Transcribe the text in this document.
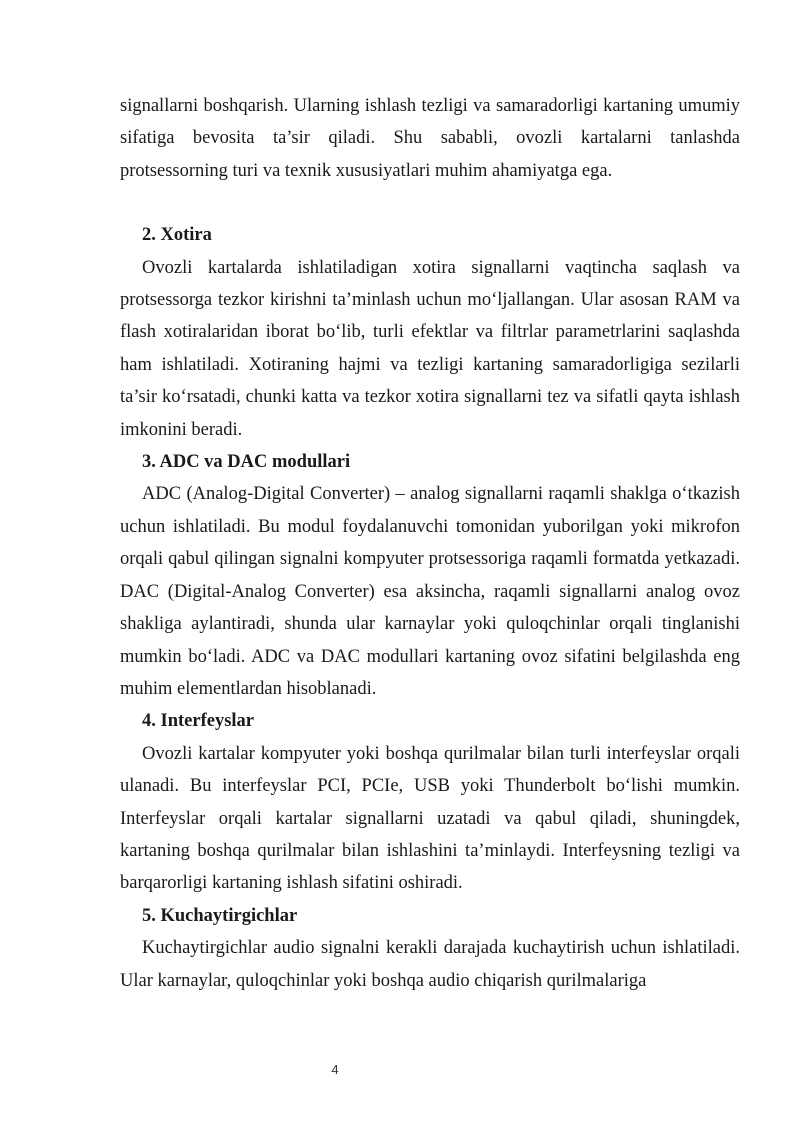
signallarni boshqarish. Ularning ishlash tezligi va samaradorligi kartaning umumiy sifatiga bevosita ta’sir qiladi. Shu sababli, ovozli kartalarni tanlashda protsessorning turi va texnik xususiyatlari muhim ahamiyatga ega.

2. Xotira

Ovozli kartalarda ishlatiladigan xotira signallarni vaqtincha saqlash va protsessorga tezkor kirishni ta’minlash uchun mo‘ljallangan. Ular asosan RAM va flash xotiralaridan iborat bo‘lib, turli efektlar va filtrlar parametrlarini saqlashda ham ishlatiladi. Xotiraning hajmi va tezligi kartaning samaradorligiga sezilarli ta’sir ko‘rsatadi, chunki katta va tezkor xotira signallarni tez va sifatli qayta ishlash imkonini beradi.

3. ADC va DAC modullari

ADC (Analog-Digital Converter) – analog signallarni raqamli shaklga o‘tkazish uchun ishlatiladi. Bu modul foydalanuvchi tomonidan yuborilgan yoki mikrofon orqali qabul qilingan signalni kompyuter protsessoriga raqamli formatda yetkazadi. DAC (Digital-Analog Converter) esa aksincha, raqamli signallarni analog ovoz shakliga aylantiradi, shunda ular karnaylar yoki quloqchinlar orqali tinglanishi mumkin bo‘ladi. ADC va DAC modullari kartaning ovoz sifatini belgilashda eng muhim elementlardan hisoblanadi.

4. Interfeyslar

Ovozli kartalar kompyuter yoki boshqa qurilmalar bilan turli interfeyslar orqali ulanadi. Bu interfeyslar PCI, PCIe, USB yoki Thunderbolt bo‘lishi mumkin. Interfeyslar orqali kartalar signallarni uzatadi va qabul qiladi, shuningdek, kartaning boshqa qurilmalar bilan ishlashini ta’minlaydi. Interfeysning tezligi va barqarorligi kartaning ishlash sifatini oshiradi.

5. Kuchaytirgichlar

Kuchaytirgichlar audio signalni kerakli darajada kuchaytirish uchun ishlatiladi. Ular karnaylar, quloqchinlar yoki boshqa audio chiqarish qurilmalariga

4
